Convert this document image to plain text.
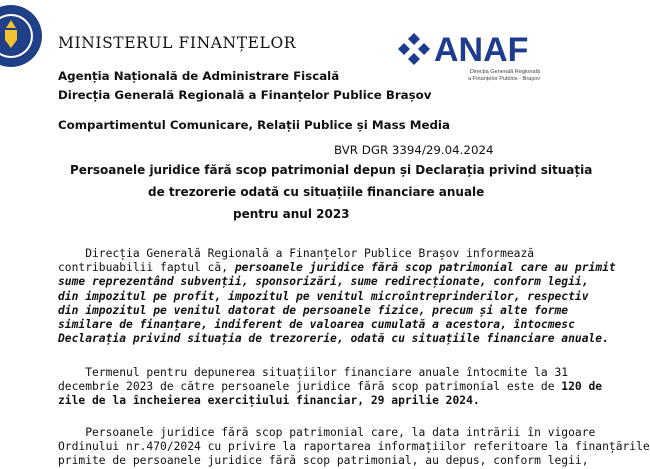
MINISTERUL FINANȚELOR	ANAF
Direcția Generală Regională
a Finanțelor Publice - Brașov

Agenția Națională de Administrare Fiscală

Direcția Generală Regională a Finanțelor Publice Brașov

Compartimentul Comunicare, Relații Publice și Mass Media

BVR DGR 3394/29.04.2024

Persoanele juridice fără scop patrimonial depun și Declarația privind situația

de trezorerie odată cu situațiile financiare anuale

pentru anul 2023

Direcția Generală Regională a Finanțelor Publice Brașov informează
contribuabilii faptul că, persoanele juridice fără scop patrimonial care au primit
sume reprezentând subvenții, sponsorizări, sume redirecționate, conform legii,
din impozitul pe profit, impozitul pe venitul microîntreprinderilor, respectiv
din impozitul pe venitul datorat de persoanele fizice, precum și alte forme
similare de finanțare, indiferent de valoarea cumulată a acestora, întocmesc
Declarația privind situația de trezorerie, odată cu situațiile financiare anuale.
Termenul pentru depunerea situațiilor financiare anuale întocmite la 31
decembrie 2023 de către persoanele juridice fără scop patrimonial este de 120 de
zile de la încheierea exercițiului financiar, 29 aprilie 2024.
Persoanele juridice fără scop patrimonial care, la data intrării în vigoare
Ordinului nr.470/2024 cu privire la raportarea informațiilor referitoare la finanțările
primite de persoanele juridice fără scop patrimonial, au depus, conform legii,
